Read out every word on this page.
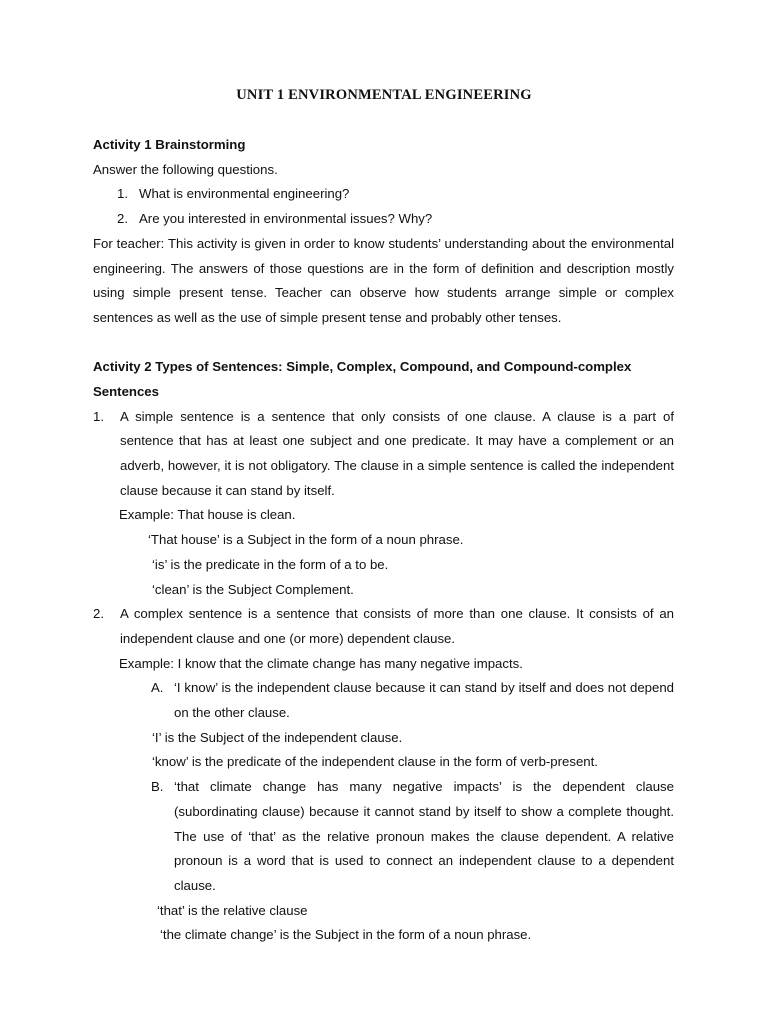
UNIT 1 ENVIRONMENTAL ENGINEERING

Activity 1 Brainstorming

Answer the following questions.

1. What is environmental engineering?
2. Are you interested in environmental issues? Why?

For teacher: This activity is given in order to know students’ understanding about the environmental engineering. The answers of those questions are in the form of definition and description mostly using simple present tense. Teacher can observe how students arrange simple or complex sentences as well as the use of simple present tense and probably other tenses.

Activity 2 Types of Sentences: Simple, Complex, Compound, and Compound-complex Sentences

1. A simple sentence is a sentence that only consists of one clause. A clause is a part of sentence that has at least one subject and one predicate. It may have a complement or an adverb, however, it is not obligatory. The clause in a simple sentence is called the independent clause because it can stand by itself.

Example: That house is clean.

‘That house’ is a Subject in the form of a noun phrase.

‘is’ is the predicate in the form of a to be.

‘clean’ is the Subject Complement.

2. A complex sentence is a sentence that consists of more than one clause. It consists of an independent clause and one (or more) dependent clause.

Example: I know that the climate change has many negative impacts.

A. ‘I know’ is the independent clause because it can stand by itself and does not depend on the other clause.

‘I’ is the Subject of the independent clause.

‘know’ is the predicate of the independent clause in the form of verb-present.

B. ‘that climate change has many negative impacts’ is the dependent clause (subordinating clause) because it cannot stand by itself to show a complete thought. The use of ‘that’ as the relative pronoun makes the clause dependent. A relative pronoun is a word that is used to connect an independent clause to a dependent clause.

‘that’ is the relative clause

‘the climate change’ is the Subject in the form of a noun phrase.
